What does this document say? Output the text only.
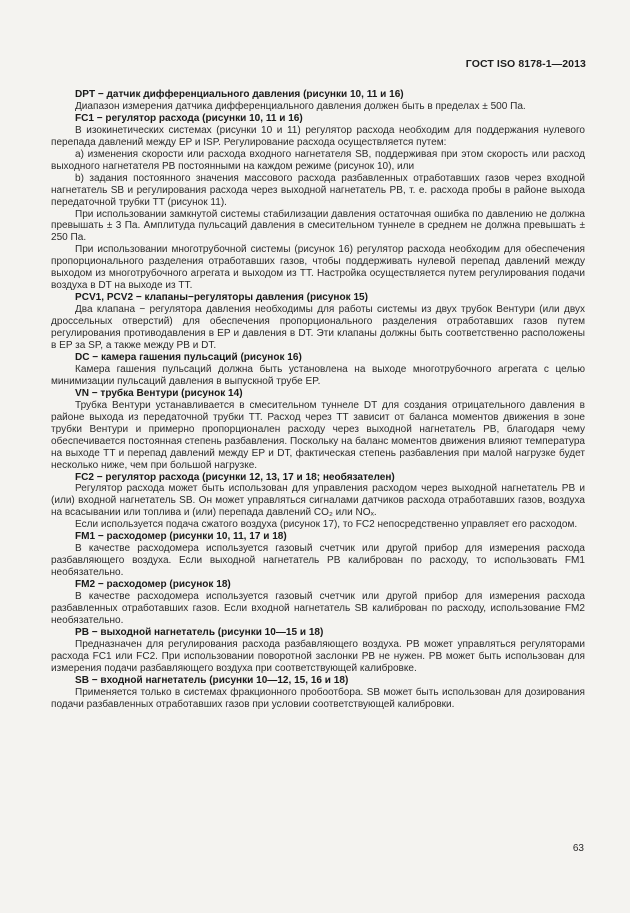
ГОСТ ISO 8178-1—2013

DPT − датчик дифференциального давления (рисунки 10, 11 и 16)

Диапазон измерения датчика дифференциального давления должен быть в пределах ± 500 Па.

FC1 − регулятор расхода (рисунки 10, 11 и 16)

В изокинетических системах (рисунки 10 и 11) регулятор расхода необходим для поддержания нулевого перепада давлений между EP и ISP. Регулирование расхода осуществляется путем:

a) изменения скорости или расхода входного нагнетателя SB, поддерживая при этом скорость или расход выходного нагнетателя PB постоянными на каждом режиме (рисунок 10), или

b) задания постоянного значения массового расхода разбавленных отработавших газов через входной нагнетатель SB и регулирования расхода через выходной нагнетатель PB, т. е. расхода пробы в районе выхода передаточной трубки TT (рисунок 11).

При использовании замкнутой системы стабилизации давления остаточная ошибка по давлению не должна превышать ± 3 Па. Амплитуда пульсаций давления в смесительном туннеле в среднем не должна превышать ± 250 Па.

При использовании многотрубочной системы (рисунок 16) регулятор расхода необходим для обеспечения пропорционального разделения отработавших газов, чтобы поддерживать нулевой перепад давлений между выходом из многотрубочного агрегата и выходом из TT. Настройка осуществляется путем регулирования подачи воздуха в DT на выходе из TT.

PCV1, PCV2 − клапаны−регуляторы давления (рисунок 15)

Два клапана − регулятора давления необходимы для работы системы из двух трубок Вентури (или двух дроссельных отверстий) для обеспечения пропорционального разделения отработавших газов путем регулирования противодавления в EP и давления в DT. Эти клапаны должны быть соответственно расположены в EP за SP, а также между PB и DT.

DC − камера гашения пульсаций (рисунок 16)

Камера гашения пульсаций должна быть установлена на выходе многотрубочного агрегата с целью минимизации пульсаций давления в выпускной трубе EP.

VN − трубка Вентури (рисунок 14)

Трубка Вентури устанавливается в смесительном туннеле DT для создания отрицательного давления в районе выхода из передаточной трубки TT. Расход через TT зависит от баланса моментов движения в зоне трубки Вентури и примерно пропорционален расходу через выходной нагнетатель PB, благодаря чему обеспечивается постоянная степень разбавления. Поскольку на баланс моментов движения влияют температура на выходе TT и перепад давлений между EP и DT, фактическая степень разбавления при малой нагрузке будет несколько ниже, чем при большой нагрузке.

FC2 − регулятор расхода (рисунки 12, 13, 17 и 18; необязателен)

Регулятор расхода может быть использован для управления расходом через выходной нагнетатель PB и (или) входной нагнетатель SB. Он может управляться сигналами датчиков расхода отработавших газов, воздуха на всасывании или топлива и (или) перепада давлений CO₂ или NOₓ.

Если используется подача сжатого воздуха (рисунок 17), то FC2 непосредственно управляет его расходом.

FM1 − расходомер (рисунки 10, 11, 17 и 18)

В качестве расходомера используется газовый счетчик или другой прибор для измерения расхода разбавляющего воздуха. Если выходной нагнетатель PB калиброван по расходу, то использовать FM1 необязательно.

FM2 − расходомер (рисунок 18)

В качестве расходомера используется газовый счетчик или другой прибор для измерения расхода разбавленных отработавших газов. Если входной нагнетатель SB калиброван по расходу, использование FM2 необязательно.

PB − выходной нагнетатель (рисунки 10—15 и 18)

Предназначен для регулирования расхода разбавляющего воздуха. PB может управляться регуляторами расхода FC1 или FC2. При использовании поворотной заслонки PB не нужен. PB может быть использован для измерения подачи разбавляющего воздуха при соответствующей калибровке.

SB − входной нагнетатель (рисунки 10—12, 15, 16 и 18)

Применяется только в системах фракционного пробоотбора. SB может быть использован для дозирования подачи разбавленных отработавших газов при условии соответствующей калибровки.

63
